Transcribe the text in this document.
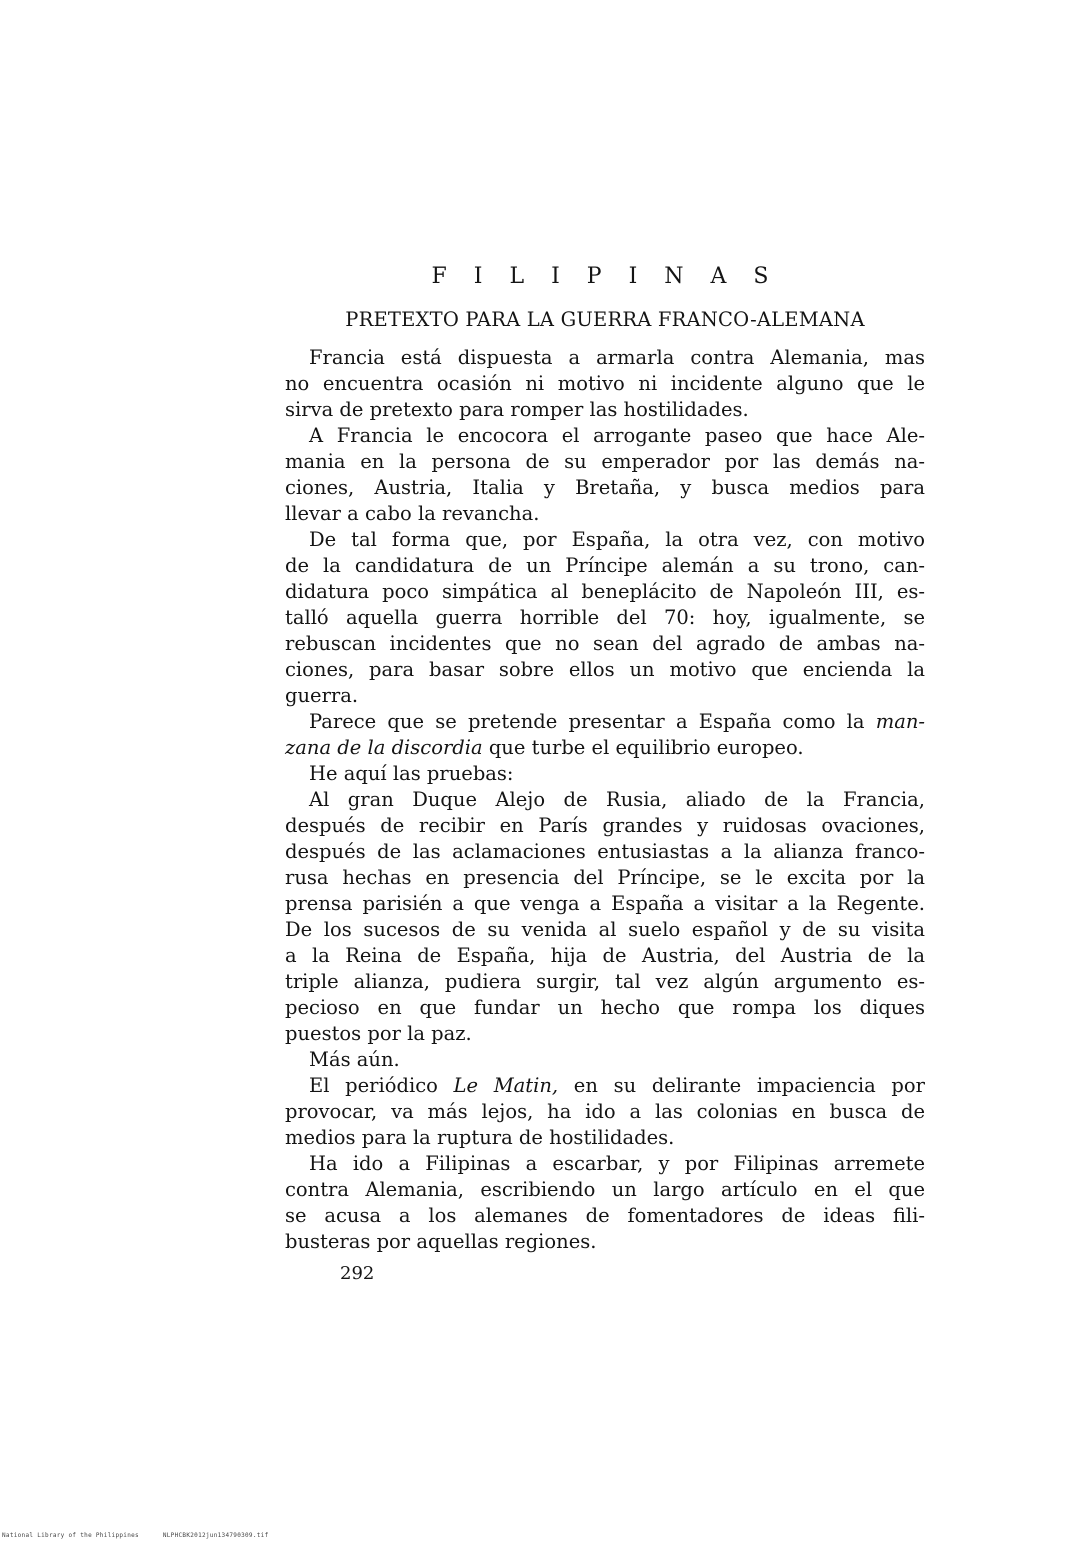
F I L I P I N A S
PRETEXTO PARA LA GUERRA FRANCO-ALEMANA
Francia está dispuesta a armarla contra Alemania, mas
no encuentra ocasión ni motivo ni incidente alguno que le
sirva de pretexto para romper las hostilidades.
A Francia le encocora el arrogante paseo que hace Ale-
mania en la persona de su emperador por las demás na-
ciones, Austria, Italia y Bretaña, y busca medios para
llevar a cabo la revancha.
De tal forma que, por España, la otra vez, con motivo
de la candidatura de un Príncipe alemán a su trono, can-
didatura poco simpática al beneplácito de Napoleón III, es-
talló aquella guerra horrible del 70: hoy, igualmente, se
rebuscan incidentes que no sean del agrado de ambas na-
ciones, para basar sobre ellos un motivo que encienda la
guerra.
Parece que se pretende presentar a España como la man-
zana de la discordia que turbe el equilibrio europeo.
He aquí las pruebas:
Al gran Duque Alejo de Rusia, aliado de la Francia,
después de recibir en París grandes y ruidosas ovaciones,
después de las aclamaciones entusiastas a la alianza franco-
rusa hechas en presencia del Príncipe, se le excita por la
prensa parisién a que venga a España a visitar a la Regente.
De los sucesos de su venida al suelo español y de su visita
a la Reina de España, hija de Austria, del Austria de la
triple alianza, pudiera surgir, tal vez algún argumento es-
pecioso en que fundar un hecho que rompa los diques
puestos por la paz.
Más aún.
El periódico Le Matin, en su delirante impaciencia por
provocar, va más lejos, ha ido a las colonias en busca de
medios para la ruptura de hostilidades.
Ha ido a Filipinas a escarbar, y por Filipinas arremete
contra Alemania, escribiendo un largo artículo en el que
se acusa a los alemanes de fomentadores de ideas fili-
busteras por aquellas regiones.
292
National Library of the Philippines	NLPHCBK2012jun134790309.tif
